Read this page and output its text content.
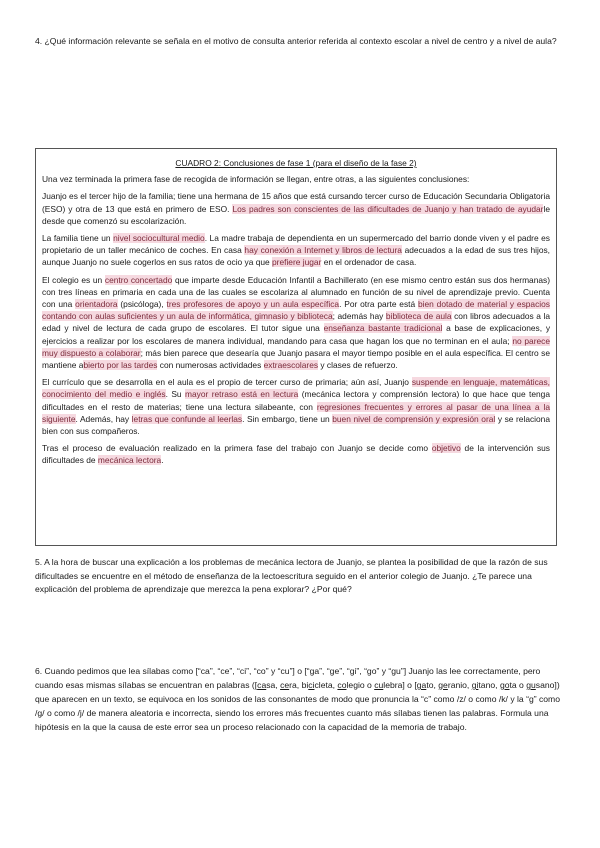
4. ¿Qué información relevante se señala en el motivo de consulta anterior referida al contexto escolar a nivel de centro y a nivel de aula?
CUADRO 2: Conclusiones de fase 1 (para el diseño de la fase 2)

Una vez terminada la primera fase de recogida de información se llegan, entre otras, a las siguientes conclusiones:

Juanjo es el tercer hijo de la familia; tiene una hermana de 15 años que está cursando tercer curso de Educación Secundaria Obligatoria (ESO) y otra de 13 que está en primero de ESO. Los padres son conscientes de las dificultades de Juanjo y han tratado de ayudarle desde que comenzó su escolarización.

La familia tiene un nivel sociocultural medio. La madre trabaja de dependienta en un supermercado del barrio donde viven y el padre es propietario de un taller mecánico de coches. En casa hay conexión a Internet y libros de lectura adecuados a la edad de sus tres hijos, aunque Juanjo no suele cogerlos en sus ratos de ocio ya que prefiere jugar en el ordenador de casa.

El colegio es un centro concertado que imparte desde Educación Infantil a Bachillerato (en ese mismo centro están sus dos hermanas) con tres líneas en primaria en cada una de las cuales se escolariza al alumnado en función de su nivel de aprendizaje previo. Cuenta con una orientadora (psicóloga), tres profesores de apoyo y un aula específica. Por otra parte está bien dotado de material y espacios contando con aulas suficientes y un aula de informática, gimnasio y biblioteca; además hay biblioteca de aula con libros adecuados a la edad y nivel de lectura de cada grupo de escolares. El tutor sigue una enseñanza bastante tradicional a base de explicaciones, y ejercicios a realizar por los escolares de manera individual, mandando para casa que hagan los que no terminan en el aula; no parece muy dispuesto a colaborar; más bien parece que desearía que Juanjo pasara el mayor tiempo posible en el aula específica. El centro se mantiene abierto por las tardes con numerosas actividades extraescolares y clases de refuerzo.

El currículo que se desarrolla en el aula es el propio de tercer curso de primaria; aún así, Juanjo suspende en lenguaje, matemáticas, conocimiento del medio e inglés. Su mayor retraso está en lectura (mecánica lectora y comprensión lectora) lo que hace que tenga dificultades en el resto de materias; tiene una lectura silabeante, con regresiones frecuentes y errores al pasar de una línea a la siguiente. Además, hay letras que confunde al leerlas. Sin embargo, tiene un buen nivel de comprensión y expresión oral y se relaciona bien con sus compañeros.

Tras el proceso de evaluación realizado en la primera fase del trabajo con Juanjo se decide como objetivo de la intervención sus dificultades de mecánica lectora.

5. A la hora de buscar una explicación a los problemas de mecánica lectora de Juanjo, se plantea la posibilidad de que la razón de sus dificultades se encuentre en el método de enseñanza de la lectoescritura seguido en el anterior colegio de Juanjo. ¿Te parece una explicación del problema de aprendizaje que merezca la pena explorar? ¿Por qué?
6. Cuando pedimos que lea sílabas como [“ca”, “ce”, “ci”, “co” y “cu”] o [“ga”, “ge”, “gi”, “go” y “gu”] Juanjo las lee correctamente, pero cuando esas mismas sílabas se encuentran en palabras ([casa, cera, bicicleta, colegio o culebra] o [gato, geranio, gitano, gota o gusano]) que aparecen en un texto, se equivoca en los sonidos de las consonantes de modo que pronuncia la “c” como /z/ o como /k/ y la “g” como /g/ o como /j/ de manera aleatoria e incorrecta, siendo los errores más frecuentes cuanto más sílabas tienen las palabras. Formula una hipótesis en la que la causa de este error sea un proceso relacionado con la capacidad de la memoria de trabajo.
